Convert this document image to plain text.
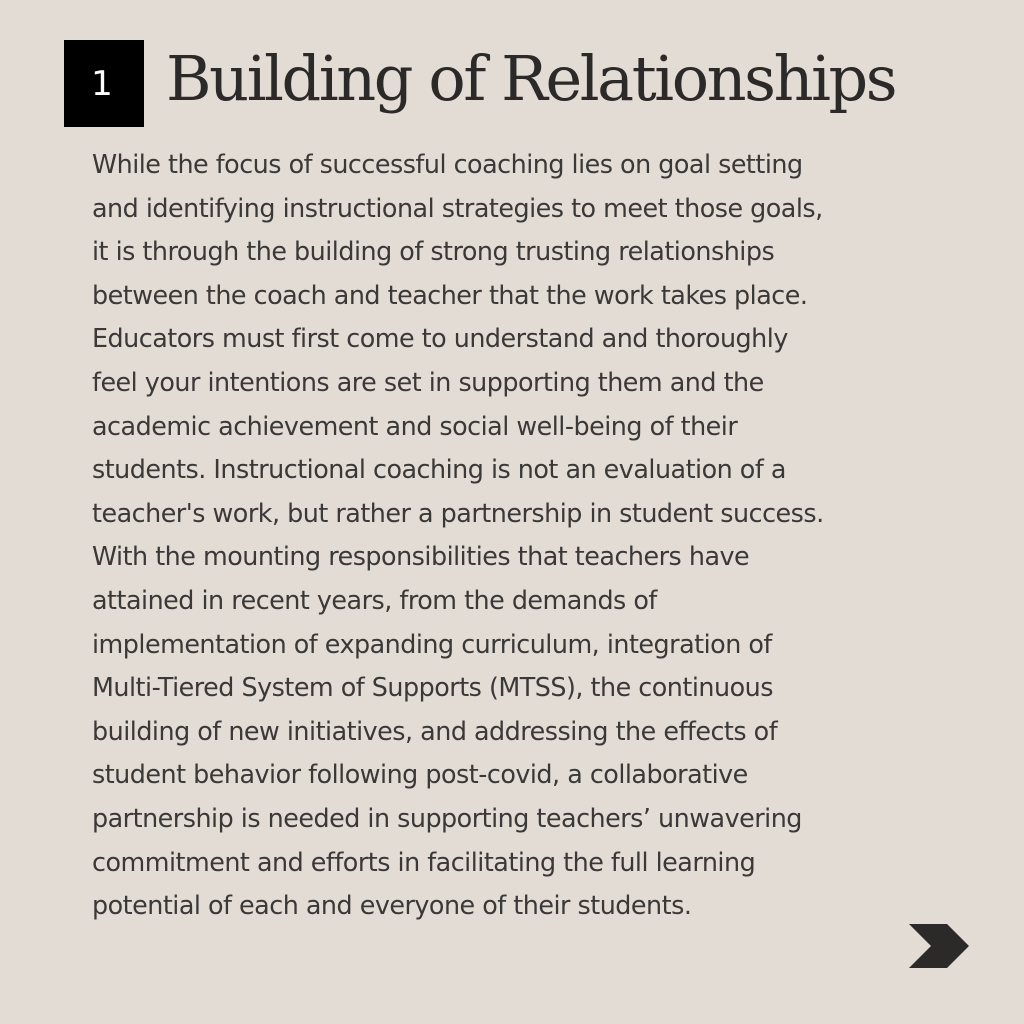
1 Building of Relationships

While the focus of successful coaching lies on goal setting
and identifying instructional strategies to meet those goals,
it is through the building of strong trusting relationships
between the coach and teacher that the work takes place.
Educators must first come to understand and thoroughly
feel your intentions are set in supporting them and the
academic achievement and social well-being of their
students. Instructional coaching is not an evaluation of a
teacher's work, but rather a partnership in student success.
With the mounting responsibilities that teachers have
attained in recent years, from the demands of
implementation of expanding curriculum, integration of
Multi-Tiered System of Supports (MTSS), the continuous
building of new initiatives, and addressing the effects of
student behavior following post-covid, a collaborative
partnership is needed in supporting teachers’ unwavering
commitment and efforts in facilitating the full learning
potential of each and everyone of their students.
